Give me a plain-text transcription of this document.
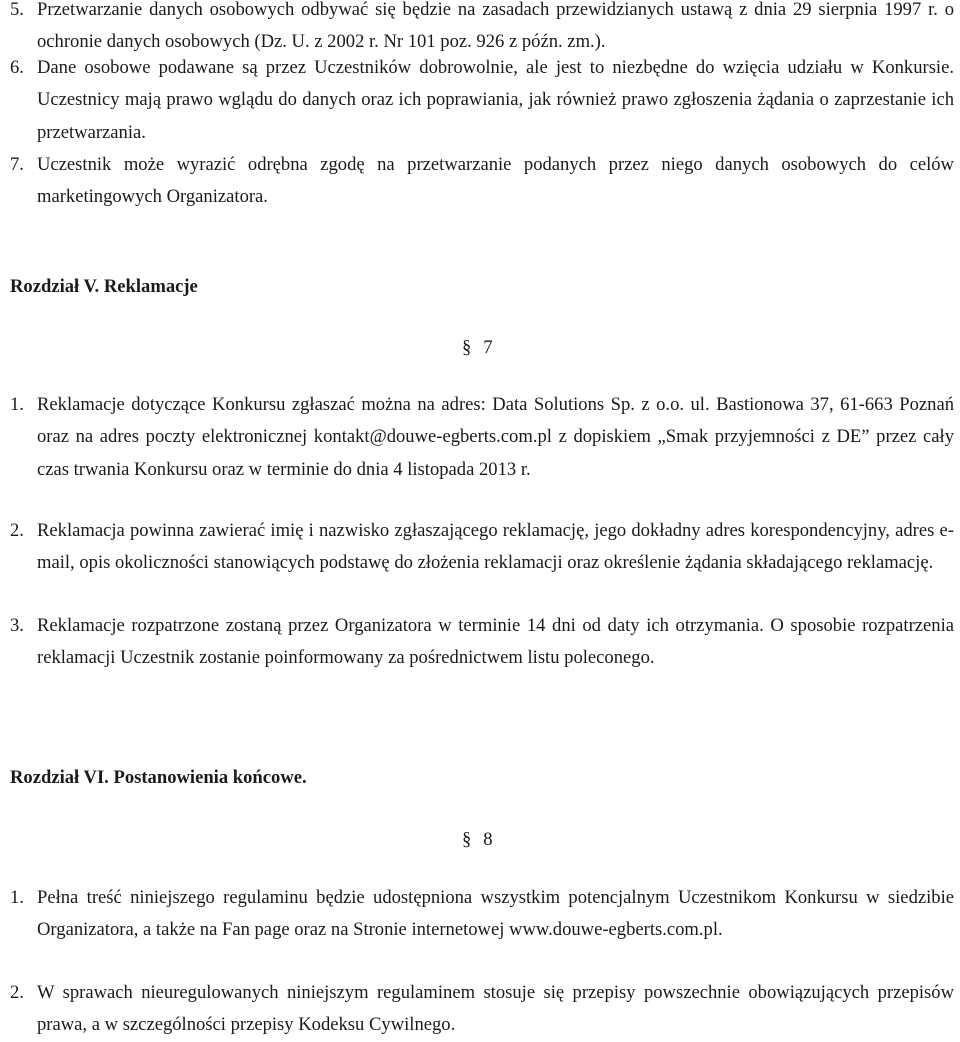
5. Przetwarzanie danych osobowych odbywać się będzie na zasadach przewidzianych ustawą z dnia 29 sierpnia 1997 r. o ochronie danych osobowych (Dz. U. z 2002 r. Nr 101 poz. 926 z późn. zm.).
6. Dane osobowe podawane są przez Uczestników dobrowolnie, ale jest to niezbędne do wzięcia udziału w Konkursie. Uczestnicy mają prawo wglądu do danych oraz ich poprawiania, jak również prawo zgłoszenia żądania o zaprzestanie ich przetwarzania.
7. Uczestnik może wyrazić odrębna zgodę na przetwarzanie podanych przez niego danych osobowych do celów marketingowych Organizatora.
Rozdział V. Reklamacje
§ 7
1. Reklamacje dotyczące Konkursu zgłaszać można na adres: Data Solutions Sp. z o.o. ul. Bastionowa 37, 61-663 Poznań oraz na adres poczty elektronicznej kontakt@douwe-egberts.com.pl z dopiskiem „Smak przyjemności z DE” przez cały czas trwania Konkursu oraz w terminie do dnia 4 listopada 2013 r.
2. Reklamacja powinna zawierać imię i nazwisko zgłaszającego reklamację, jego dokładny adres korespondencyjny, adres e-mail, opis okoliczności stanowiących podstawę do złożenia reklamacji oraz określenie żądania składającego reklamację.
3. Reklamacje rozpatrzone zostaną przez Organizatora w terminie 14 dni od daty ich otrzymania. O sposobie rozpatrzenia reklamacji Uczestnik zostanie poinformowany za pośrednictwem listu poleconego.
Rozdział VI. Postanowienia końcowe.
§ 8
1. Pełna treść niniejszego regulaminu będzie udostępniona wszystkim potencjalnym Uczestnikom Konkursu w siedzibie Organizatora, a także na Fan page oraz na Stronie internetowej www.douwe-egberts.com.pl.
2. W sprawach nieuregulowanych niniejszym regulaminem stosuje się przepisy powszechnie obowiązujących przepisów prawa, a w szczególności przepisy Kodeksu Cywilnego.
